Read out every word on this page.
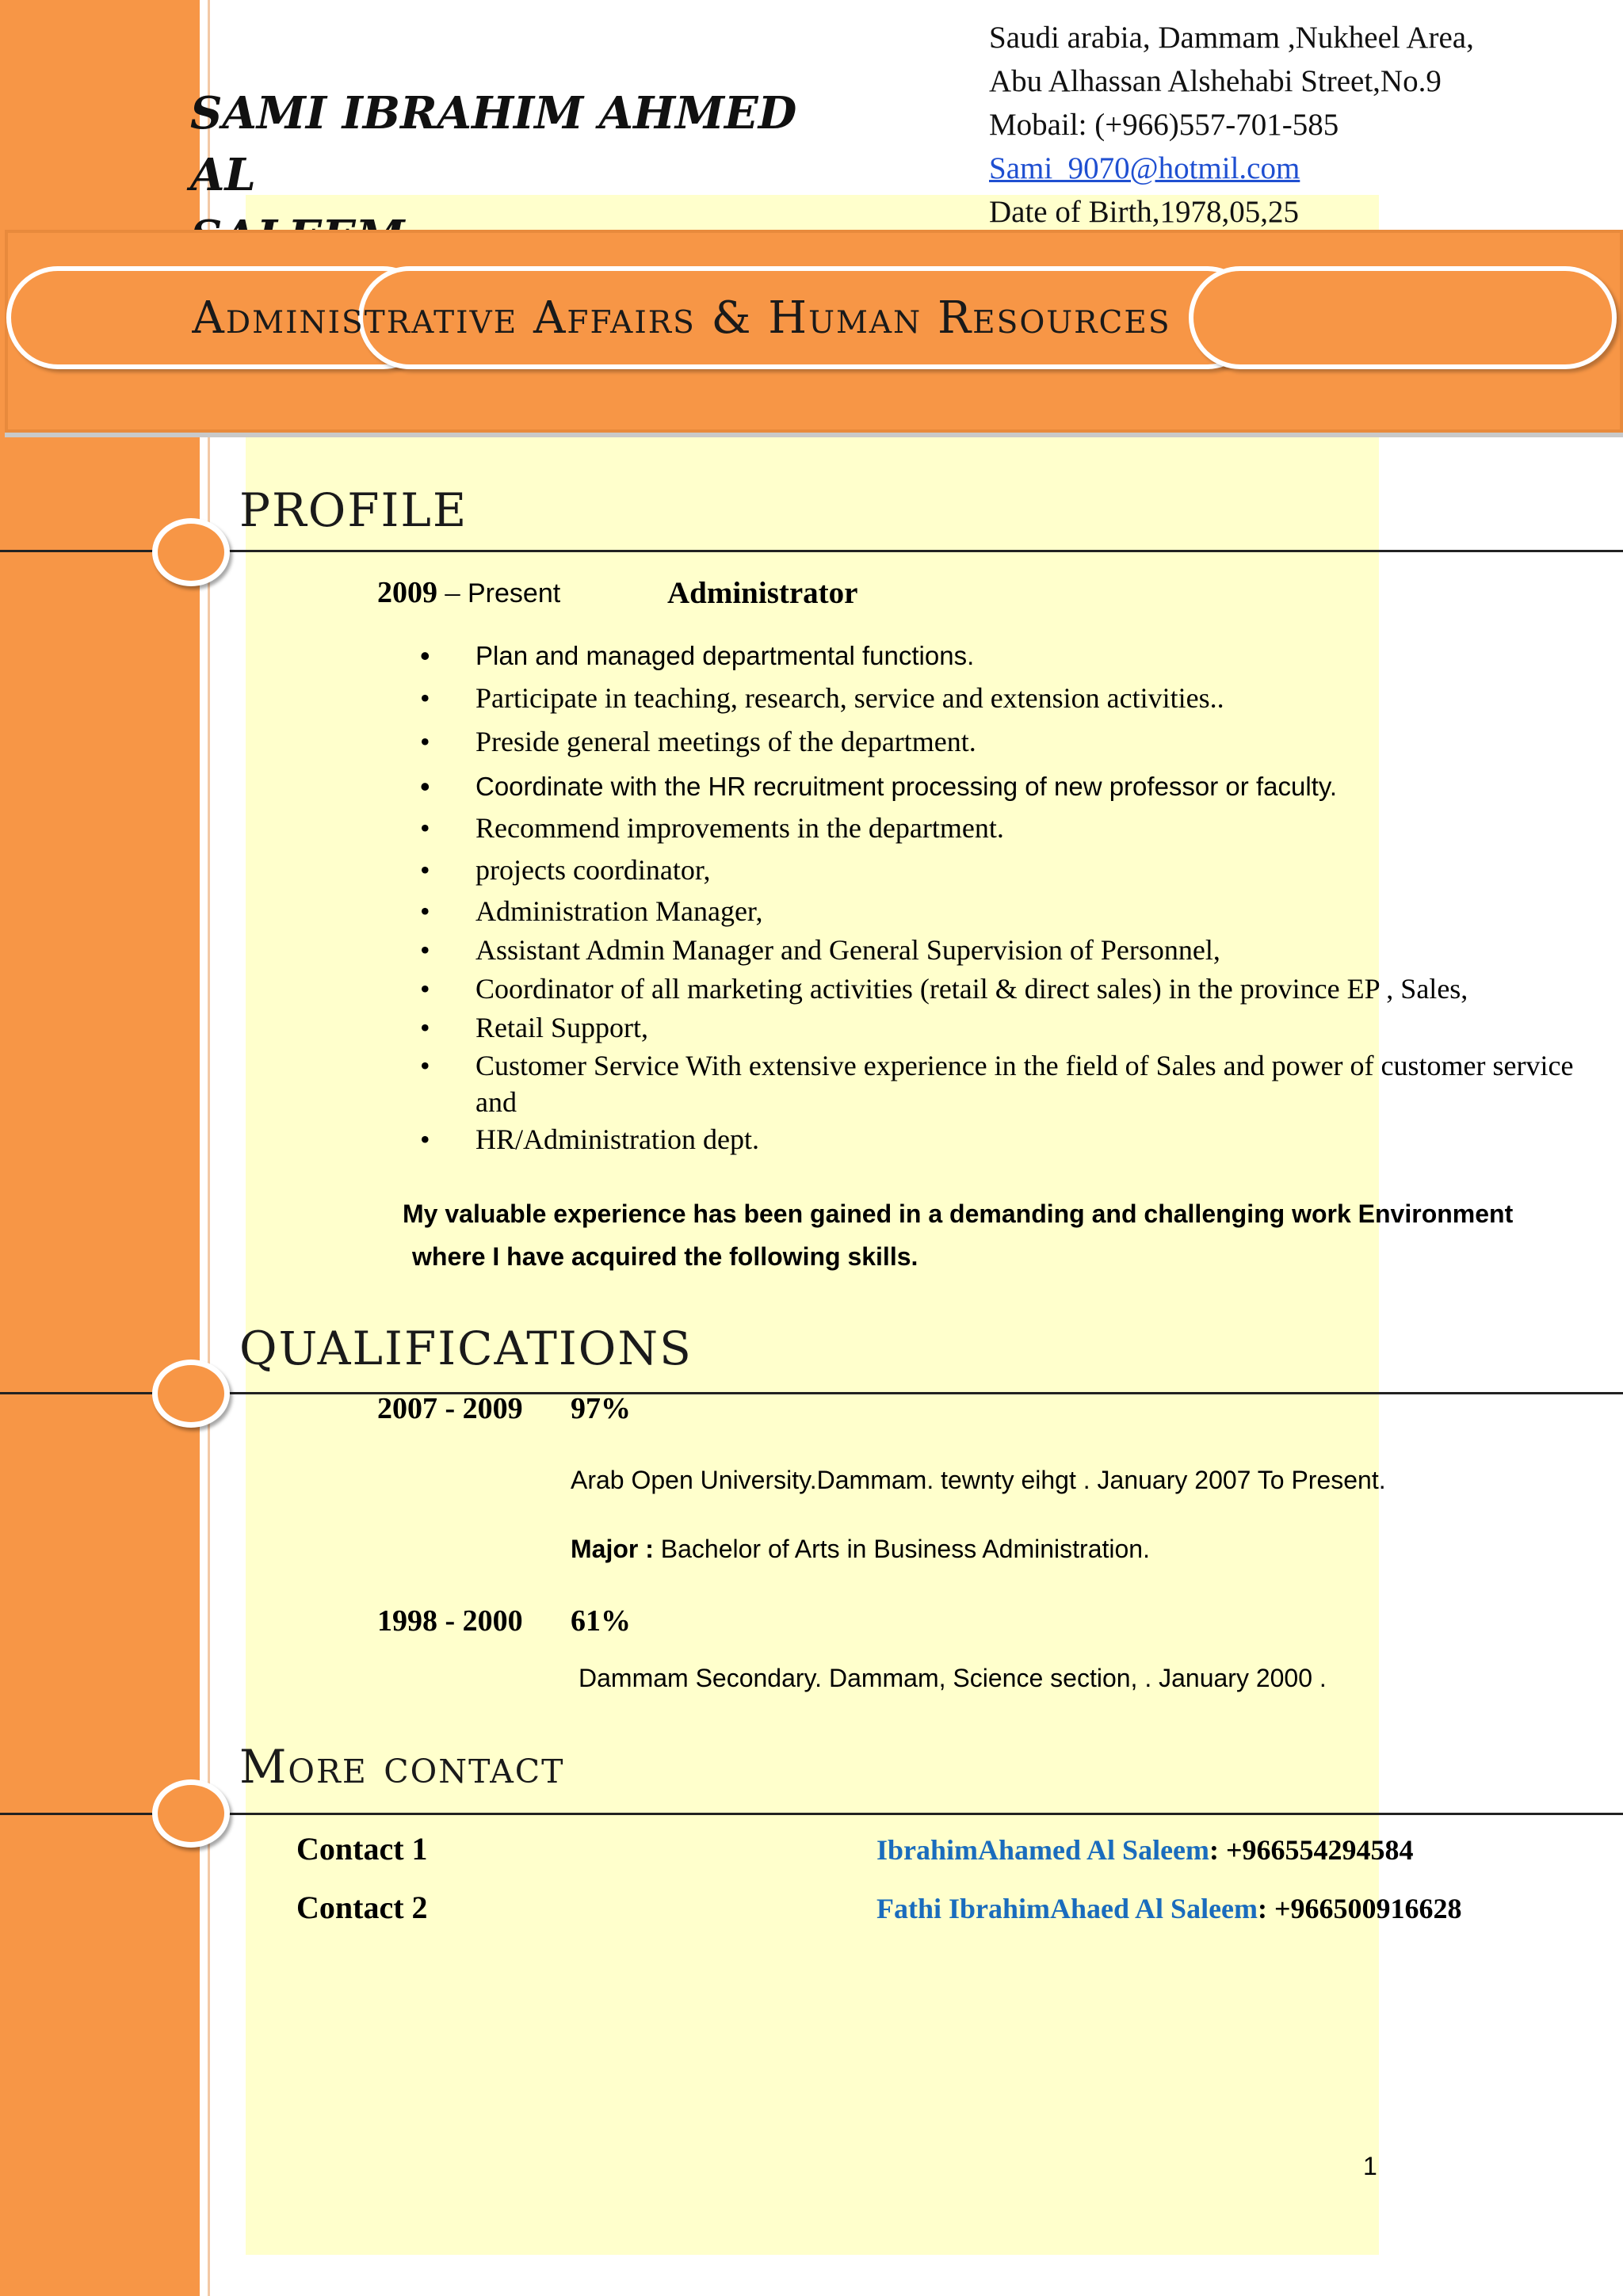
SAMI IBRAHIM AHMED AL
Saudi arabia, Dammam ,Nukheel Area,
Abu Alhassan Alshehabi Street,No.9
Mobail: (+966)557-701-585
Sami_9070@hotmil.com
Date of Birth,1978,05,25
Administrative Affairs & Human Resources
PROFILE
2009 – Present	Administrator
• Plan and managed departmental functions.
• Participate in teaching, research, service and extension activities..
• Preside general meetings of the department.
• Coordinate with the HR recruitment processing of new professor or faculty.
• Recommend improvements in the department.
• projects coordinator,
• Administration Manager,
• Assistant Admin Manager and General Supervision of Personnel,
• Coordinator of all marketing activities (retail & direct sales) in the province EP , Sales,
• Retail Support,
• Customer Service With extensive experience in the field of Sales and power of customer service and
• HR/Administration dept.
My valuable experience has been gained in a demanding and challenging work Environment
where I have acquired the following skills.
QUALIFICATIONS
2007 - 2009 97%
Arab Open University.Dammam. tewnty eihgt . January 2007 To Present.
Major : Bachelor of Arts in Business Administration.
1998 - 2000 61%
Dammam Secondary. Dammam, Science section, . January 2000 .
More contact
Contact 1	IbrahimAhamed Al Saleem: +966554294584
Contact 2	Fathi IbrahimAhaed Al Saleem: +966500916628
1
